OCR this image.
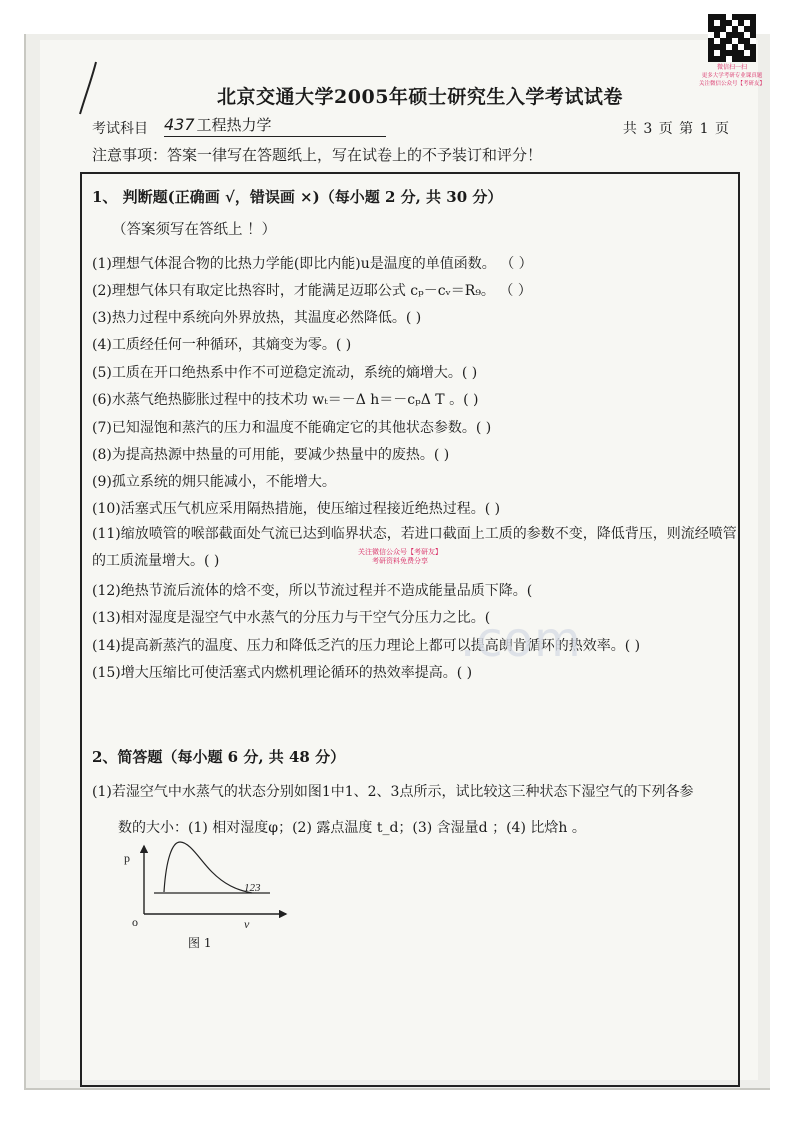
微信扫一扫
更多大学考研专业课真题
关注微信公众号【考研友】
北京交通大学2005年硕士研究生入学考试试卷
考试科目 437 工程热力学	共 3 页 第 1 页
注意事项：答案一律写在答题纸上，写在试卷上的不予装订和评分！
1、 判断题(正确画 √，错误画 ×)（每小题 2 分, 共 30 分）
（答案须写在答纸上 ！）
(1)理想气体混合物的比热力学能(即比内能)u是温度的单值函数。 （ ）
(2)理想气体只有取定比热容时，才能满足迈耶公式 cₚ－cᵥ＝R₉。 （ ）
(3)热力过程中系统向外界放热，其温度必然降低。( )
(4)工质经任何一种循环，其熵变为零。( )
(5)工质在开口绝热系中作不可逆稳定流动，系统的熵增大。( )
(6)水蒸气绝热膨胀过程中的技术功 wₜ＝－Δ h＝－cₚΔ T 。( )
(7)已知湿饱和蒸汽的压力和温度不能确定它的其他状态参数。( )
(8)为提高热源中热量的可用能，要减少热量中的废热。( )
(9)孤立系统的㶲只能减小，不能增大。
(10)活塞式压气机应采用隔热措施，使压缩过程接近绝热过程。( )
(11)缩放喷管的喉部截面处气流已达到临界状态，若进口截面上工质的参数不变，降低背压，则流经喷管的工质流量增大。( )
(12)绝热节流后流体的焓不变，所以节流过程并不造成能量品质下降。(
(13)相对湿度是湿空气中水蒸气的分压力与干空气分压力之比。(
(14)提高新蒸汽的温度、压力和降低乏汽的压力理论上都可以提高朗肯循环的热效率。( )
(15)增大压缩比可使活塞式内燃机理论循环的热效率提高。( )
关注微信公众号【考研友】
考研资料免费分享
.com
2、简答题（每小题 6 分, 共 48 分）
(1)若湿空气中水蒸气的状态分别如图1中1、2、3点所示，试比较这三种状态下湿空气的下列各参
数的大小：(1) 相对湿度φ；(2) 露点温度 t_d；(3) 含湿量d ；(4) 比焓h 。
p
v
o
123
图 1
